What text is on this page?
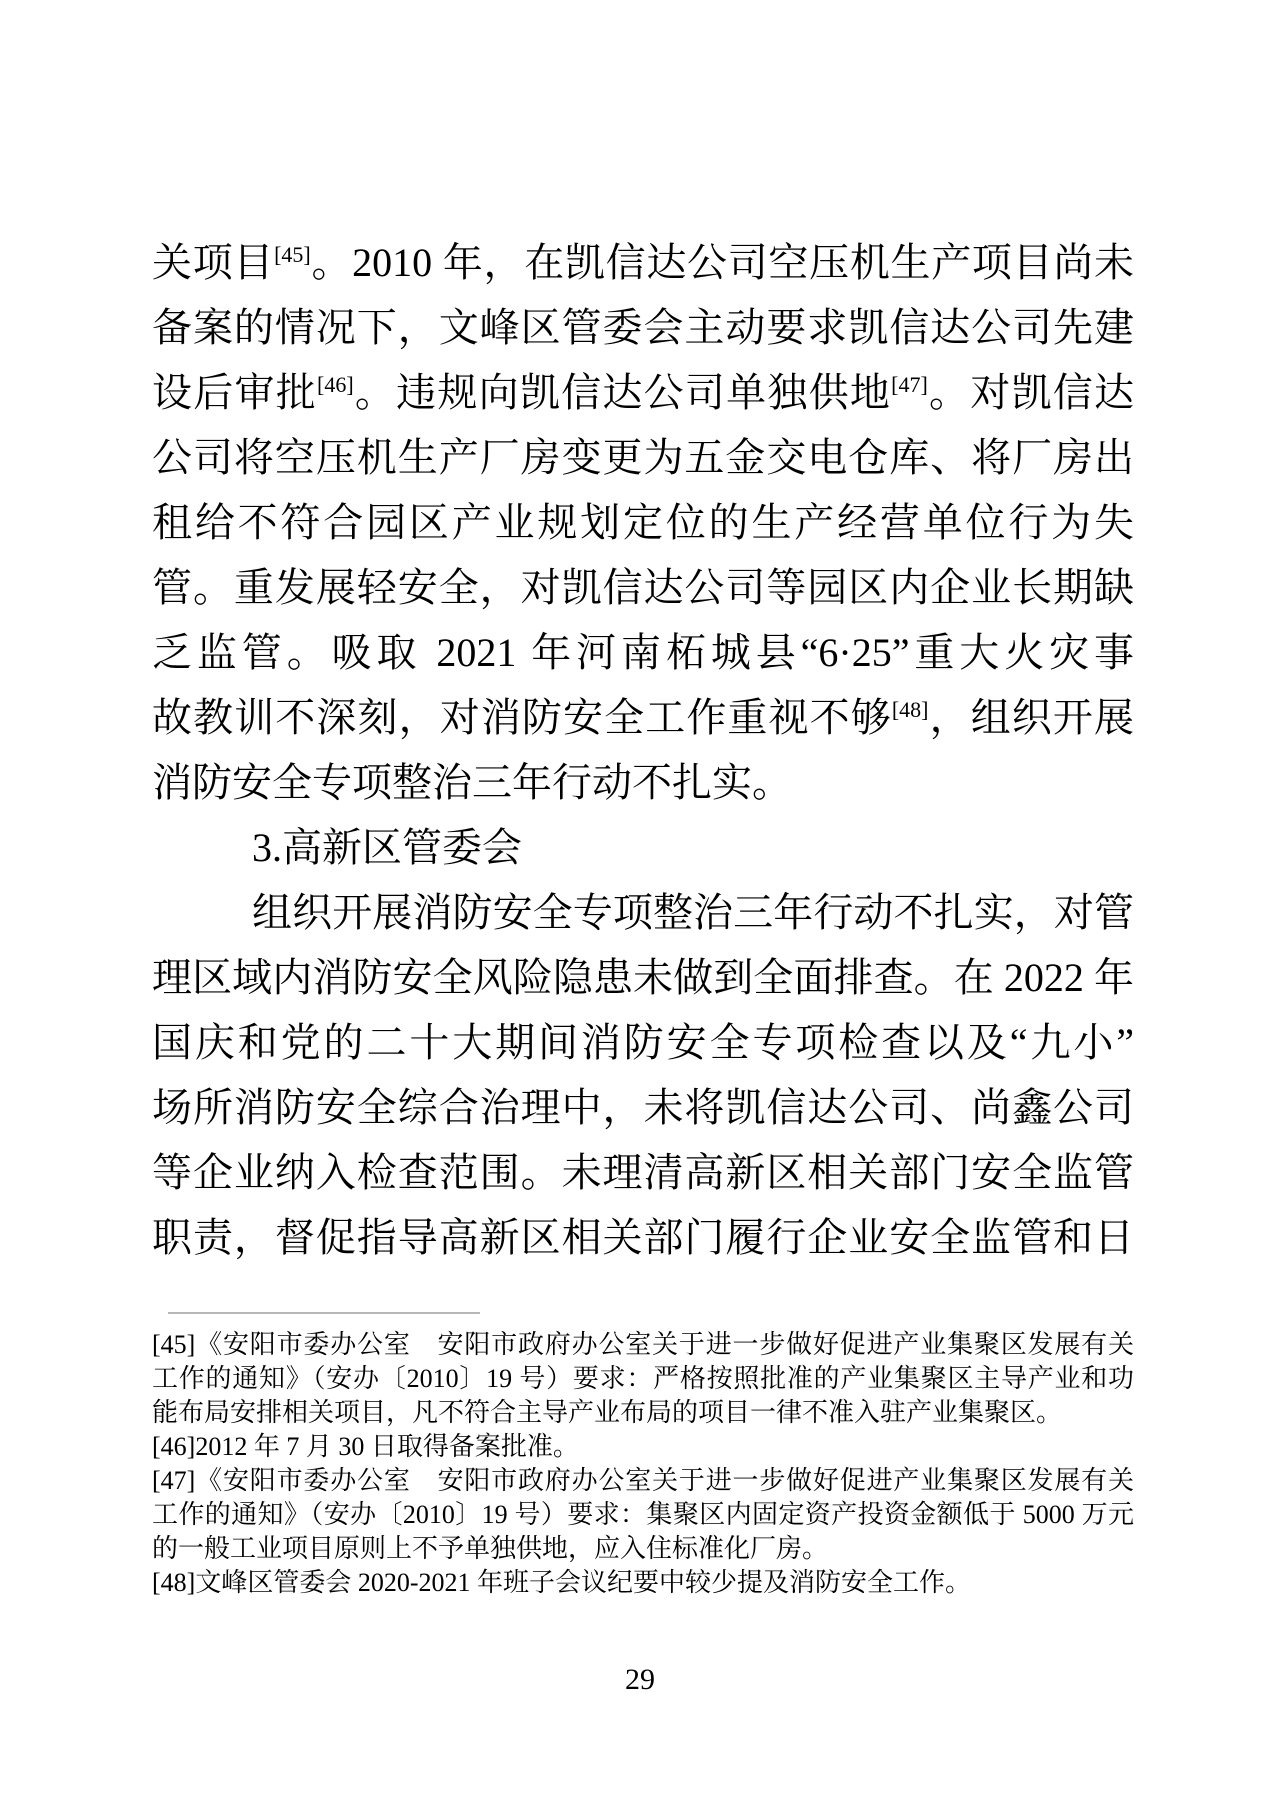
关项目[45]。2010 年，在凯信达公司空压机生产项目尚未
备案的情况下，文峰区管委会主动要求凯信达公司先建
设后审批[46]。违规向凯信达公司单独供地[47]。对凯信达
公司将空压机生产厂房变更为五金交电仓库、将厂房出
租给不符合园区产业规划定位的生产经营单位行为失
管。重发展轻安全，对凯信达公司等园区内企业长期缺
乏监管。吸取 2021 年河南柘城县“6·25”重大火灾事
故教训不深刻，对消防安全工作重视不够[48]，组织开展
消防安全专项整治三年行动不扎实。
3.高新区管委会
组织开展消防安全专项整治三年行动不扎实，对管
理区域内消防安全风险隐患未做到全面排查。在 2022 年
国庆和党的二十大期间消防安全专项检查以及“九小”
场所消防安全综合治理中，未将凯信达公司、尚鑫公司
等企业纳入检查范围。未理清高新区相关部门安全监管
职责，督促指导高新区相关部门履行企业安全监管和日
[45]《安阳市委办公室　安阳市政府办公室关于进一步做好促进产业集聚区发展有关
工作的通知》（安办〔2010〕19 号）要求：严格按照批准的产业集聚区主导产业和功
能布局安排相关项目，凡不符合主导产业布局的项目一律不准入驻产业集聚区。
[46]2012 年 7 月 30 日取得备案批准。
[47]《安阳市委办公室　安阳市政府办公室关于进一步做好促进产业集聚区发展有关
工作的通知》（安办〔2010〕19 号）要求：集聚区内固定资产投资金额低于 5000 万元
的一般工业项目原则上不予单独供地，应入住标准化厂房。
[48]文峰区管委会 2020-2021 年班子会议纪要中较少提及消防安全工作。
29
